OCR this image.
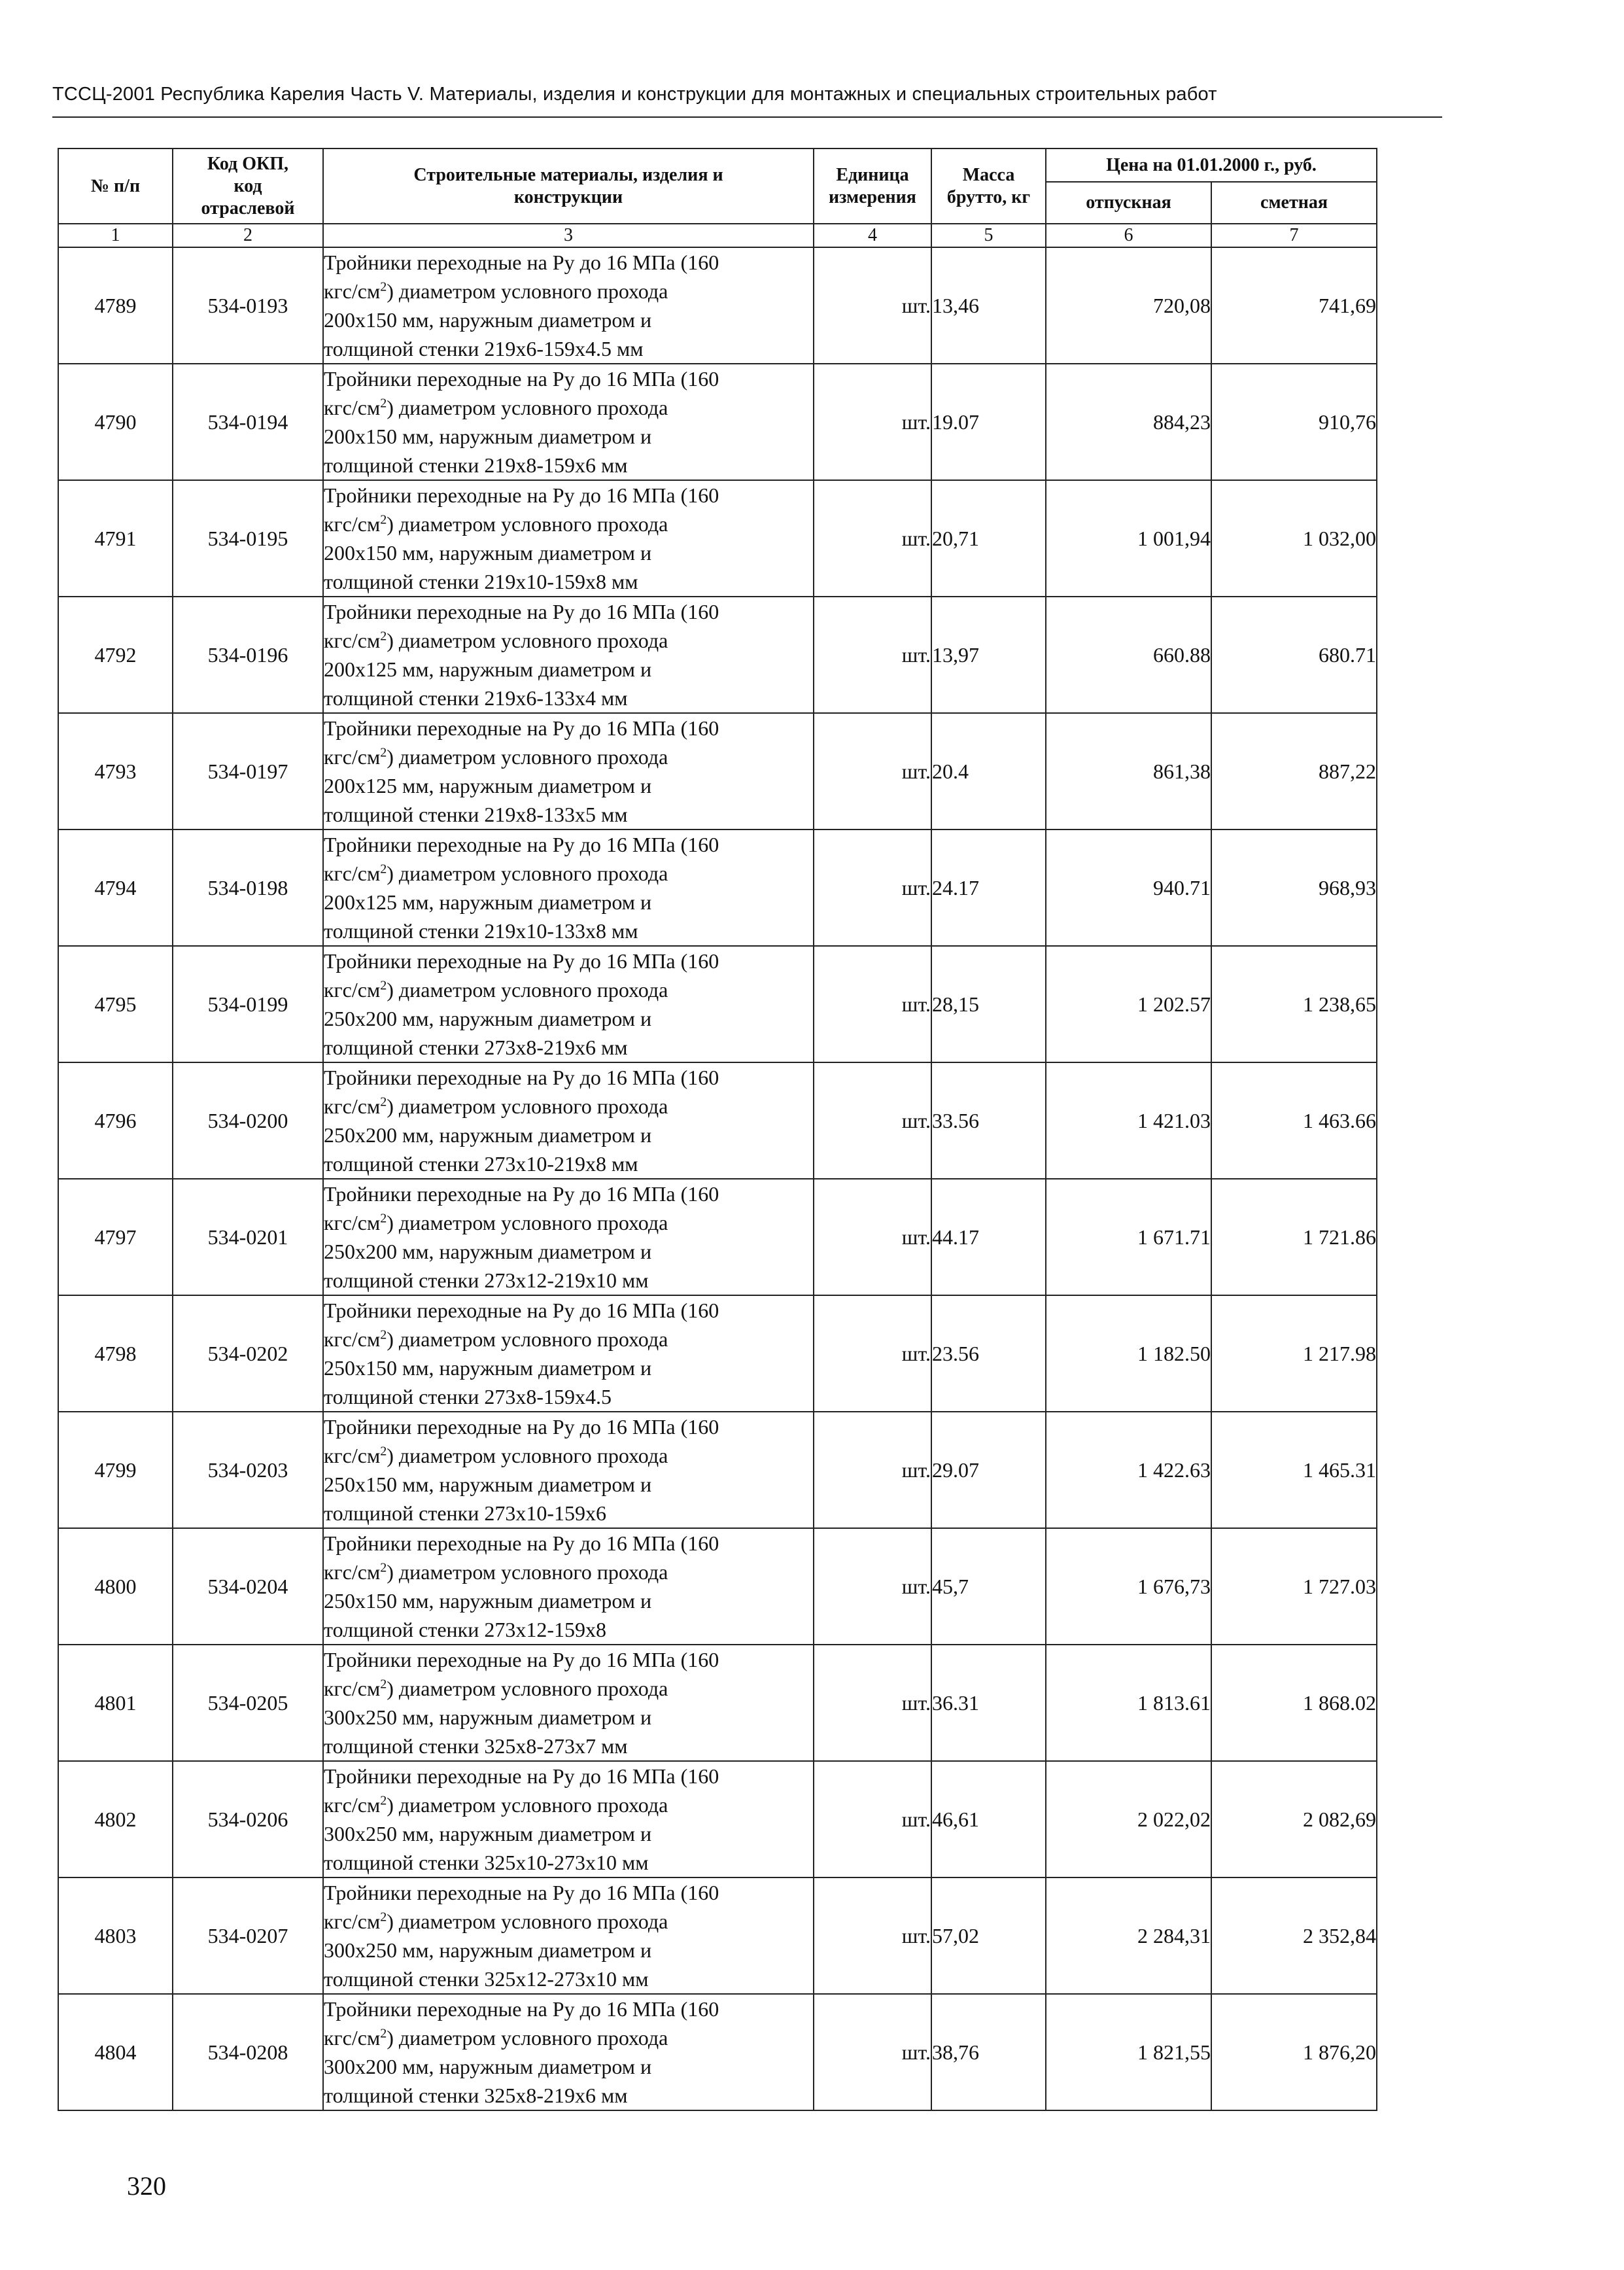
ТССЦ-2001 Республика Карелия Часть V. Материалы, изделия и конструкции для монтажных и специальных строительных работ
№ п/п	Код ОКП,
код
отраслевой	Строительные материалы, изделия и
конструкции	Единица
измерения	Масса
брутто, кг	Цена на 01.01.2000 г., руб.	
					отпускная	сметная
1	2	3	4	5	6	7
4789	534-0193	Тройники переходные на Ру до 16 МПа (160
кгс/$см^2$) диаметром условного прохода
200х150 мм, наружным диаметром и
толщиной стенки 219х6-159х4.5 мм	шт.	13,46	720,08	741,69
4790	534-0194	Тройники переходные на Ру до 16 МПа (160
кгс/$см^2$) диаметром условного прохода
200х150 мм, наружным диаметром и
толщиной стенки 219х8-159х6 мм	шт.	19.07	884,23	910,76
4791	534-0195	Тройники переходные на Ру до 16 МПа (160
кгс/$см^2$) диаметром условного прохода
200х150 мм, наружным диаметром и
толщиной стенки 219х10-159х8 мм	шт.	20,71	1 001,94	1 032,00
4792	534-0196	Тройники переходные на Ру до 16 МПа (160
кгс/$см^2$) диаметром условного прохода
200х125 мм, наружным диаметром и
толщиной стенки 219х6-133х4 мм	шт.	13,97	660.88	680.71
4793	534-0197	Тройники переходные на Ру до 16 МПа (160
кгс/$см^2$) диаметром условного прохода
200х125 мм, наружным диаметром и
толщиной стенки 219х8-133х5 мм	шт.	20.4	861,38	887,22
4794	534-0198	Тройники переходные на Ру до 16 МПа (160
кгс/$см^2$) диаметром условного прохода
200х125 мм, наружным диаметром и
толщиной стенки 219х10-133х8 мм	шт.	24.17	940.71	968,93
4795	534-0199	Тройники переходные на Ру до 16 МПа (160
кгс/$см^2$) диаметром условного прохода
250х200 мм, наружным диаметром и
толщиной стенки 273х8-219х6 мм	шт.	28,15	1 202.57	1 238,65
4796	534-0200	Тройники переходные на Ру до 16 МПа (160
кгс/$см^2$) диаметром условного прохода
250х200 мм, наружным диаметром и
толщиной стенки 273х10-219х8 мм	шт.	33.56	1 421.03	1 463.66
4797	534-0201	Тройники переходные на Ру до 16 МПа (160
кгс/$см^2$) диаметром условного прохода
250х200 мм, наружным диаметром и
толщиной стенки 273х12-219х10 мм	шт.	44.17	1 671.71	1 721.86
4798	534-0202	Тройники переходные на Ру до 16 МПа (160
кгс/$см^2$) диаметром условного прохода
250х150 мм, наружным диаметром и
толщиной стенки 273х8-159х4.5	шт.	23.56	1 182.50	1 217.98
4799	534-0203	Тройники переходные на Ру до 16 МПа (160
кгс/$см^2$) диаметром условного прохода
250х150 мм, наружным диаметром и
толщиной стенки 273х10-159х6	шт.	29.07	1 422.63	1 465.31
4800	534-0204	Тройники переходные на Ру до 16 МПа (160
кгс/$см^2$) диаметром условного прохода
250х150 мм, наружным диаметром и
толщиной стенки 273х12-159х8	шт.	45,7	1 676,73	1 727.03
4801	534-0205	Тройники переходные на Ру до 16 МПа (160
кгс/$см^2$) диаметром условного прохода
300х250 мм, наружным диаметром и
толщиной стенки 325х8-273х7 мм	шт.	36.31	1 813.61	1 868.02
4802	534-0206	Тройники переходные на Ру до 16 МПа (160
кгс/$см^2$) диаметром условного прохода
300х250 мм, наружным диаметром и
толщиной стенки 325х10-273х10 мм	шт.	46,61	2 022,02	2 082,69
4803	534-0207	Тройники переходные на Ру до 16 МПа (160
кгс/$см^2$) диаметром условного прохода
300х250 мм, наружным диаметром и
толщиной стенки 325х12-273х10 мм	шт.	57,02	2 284,31	2 352,84
4804	534-0208	Тройники переходные на Ру до 16 МПа (160
кгс/$см^2$) диаметром условного прохода
300х200 мм, наружным диаметром и
толщиной стенки 325х8-219х6 мм	шт.	38,76	1 821,55	1 876,20
320
